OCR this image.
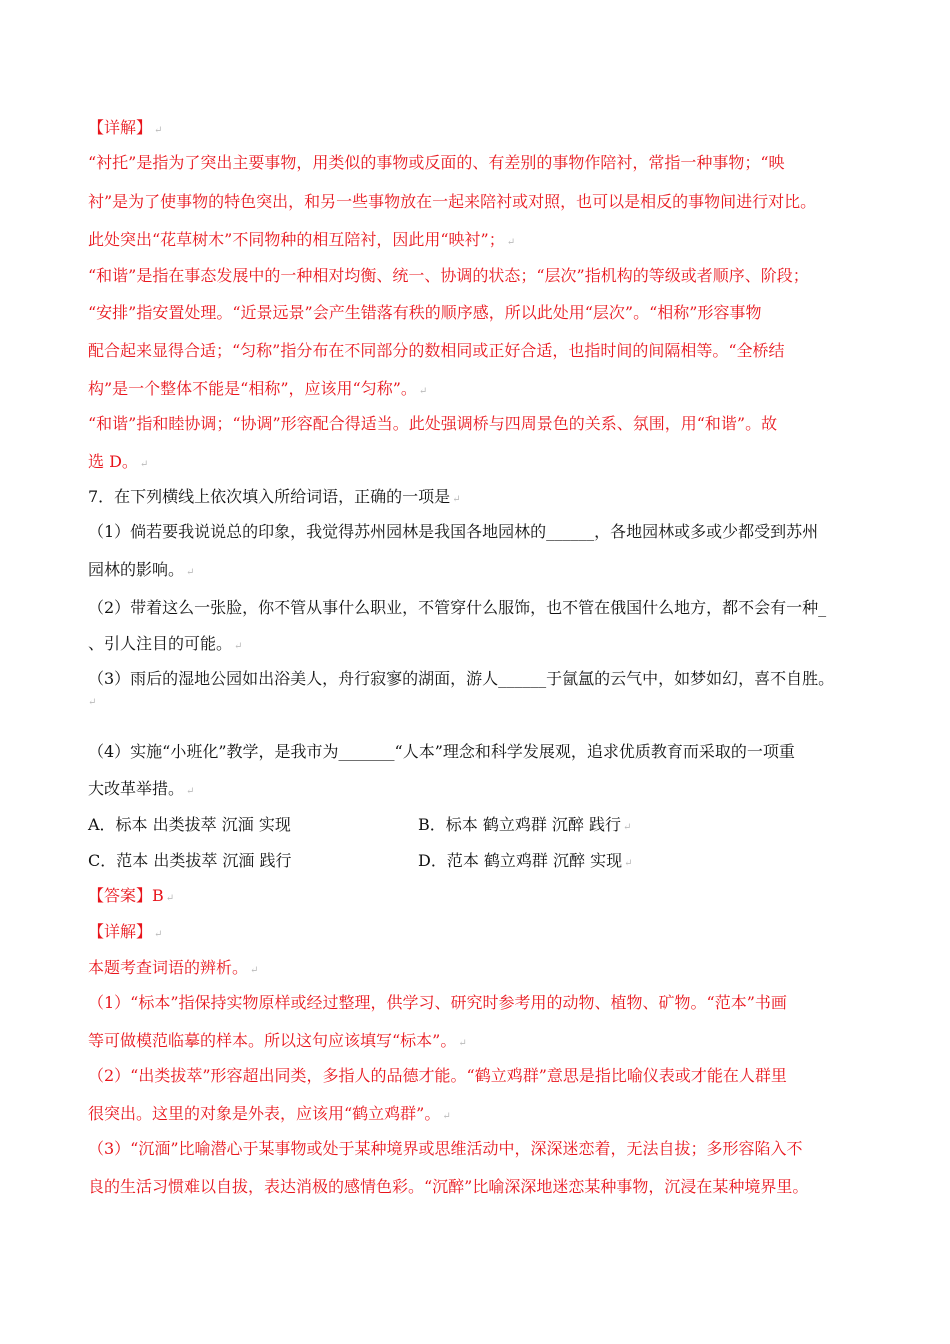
【详解】 ↵
“衬托”是指为了突出主要事物，用类似的事物或反面的、有差别的事物作陪衬，常指一种事物；“映
衬”是为了使事物的特色突出，和另一些事物放在一起来陪衬或对照，也可以是相反的事物间进行对比。
此处突出“花草树木”不同物种的相互陪衬，因此用“映衬”； ↵
“和谐”是指在事态发展中的一种相对均衡、统一、协调的状态；“层次”指机构的等级或者顺序、阶段；
“安排”指安置处理。“近景远景”会产生错落有秩的顺序感，所以此处用“层次”。“相称”形容事物
配合起来显得合适；“匀称”指分布在不同部分的数相同或正好合适，也指时间的间隔相等。“全桥结
构”是一个整体不能是“相称”，应该用“匀称”。 ↵
“和谐”指和睦协调；“协调”形容配合得适当。此处强调桥与四周景色的关系、氛围，用“和谐”。故
选 D。 ↵
7．在下列横线上依次填入所给词语，正确的一项是 ↵
（1）倘若要我说说总的印象，我觉得苏州园林是我国各地园林的______，各地园林或多或少都受到苏州
园林的影响。 ↵
（2）带着这么一张脸，你不管从事什么职业，不管穿什么服饰，也不管在俄国什么地方，都不会有一种_
、引人注目的可能。 ↵
（3）雨后的湿地公园如出浴美人，舟行寂寥的湖面，游人______于氤氲的云气中，如梦如幻，喜不自胜。
↵
（4）实施“小班化”教学，是我市为_______“人本”理念和科学发展观，追求优质教育而采取的一项重
大改革举措。 ↵
A．标本 出类拔萃 沉湎 实现	B．标本 鹤立鸡群 沉醉 践行 ↵
C．范本 出类拔萃 沉湎 践行	D．范本 鹤立鸡群 沉醉 实现 ↵
【答案】B ↵
【详解】 ↵
本题考查词语的辨析。 ↵
（1）“标本”指保持实物原样或经过整理，供学习、研究时参考用的动物、植物、矿物。“范本”书画
等可做模范临摹的样本。所以这句应该填写“标本”。 ↵
（2）“出类拔萃”形容超出同类，多指人的品德才能。“鹤立鸡群”意思是指比喻仪表或才能在人群里
很突出。这里的对象是外表，应该用“鹤立鸡群”。 ↵
（3）“沉湎”比喻潜心于某事物或处于某种境界或思维活动中，深深迷恋着，无法自拔；多形容陷入不
良的生活习惯难以自拔，表达消极的感情色彩。“沉醉”比喻深深地迷恋某种事物，沉浸在某种境界里。
